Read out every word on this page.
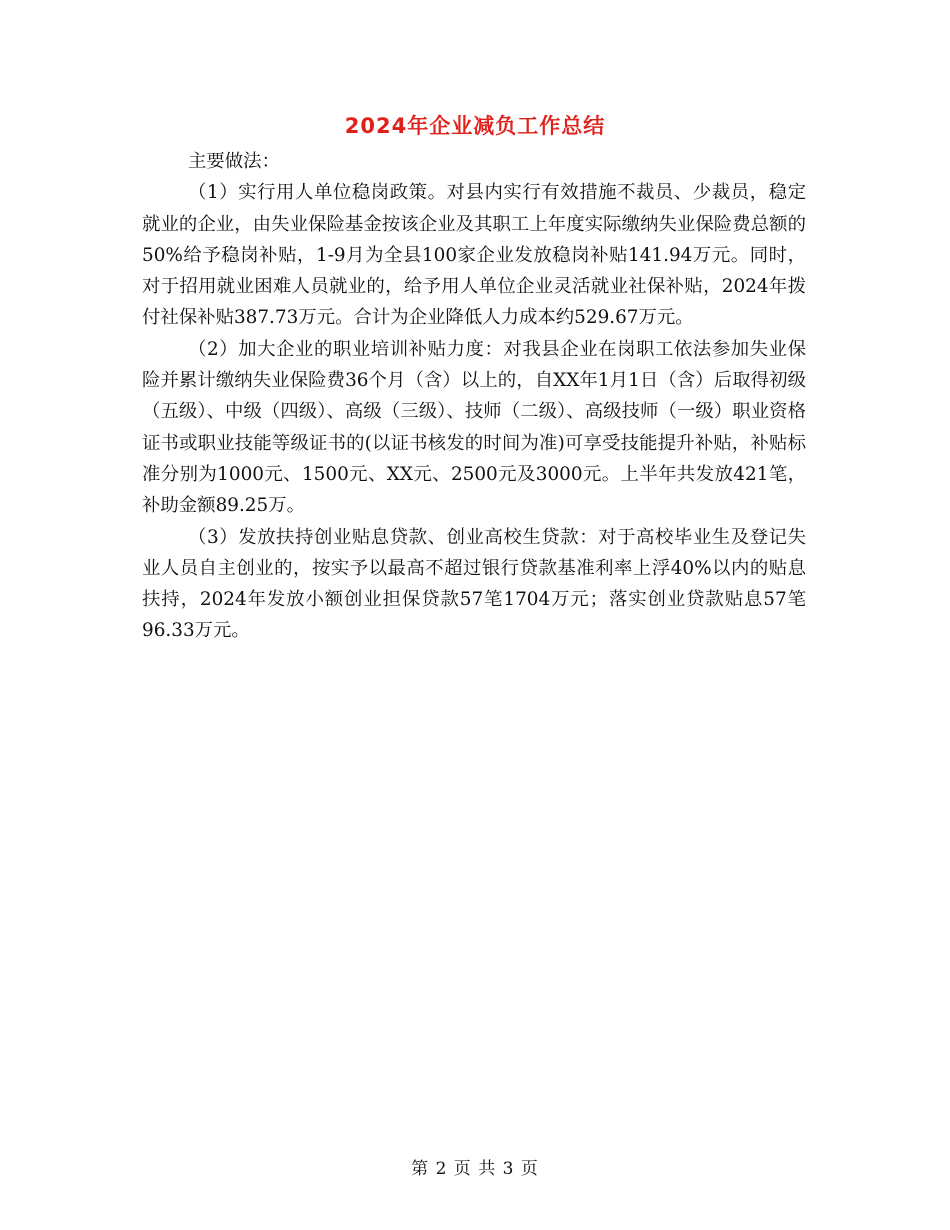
2024年企业减负工作总结

主要做法：

（1）实行用人单位稳岗政策。对县内实行有效措施不裁员、少裁员，稳定就业的企业，由失业保险基金按该企业及其职工上年度实际缴纳失业保险费总额的50%给予稳岗补贴，1-9月为全县100家企业发放稳岗补贴141.94万元。同时，对于招用就业困难人员就业的，给予用人单位企业灵活就业社保补贴，2024年拨付社保补贴387.73万元。合计为企业降低人力成本约529.67万元。

（2）加大企业的职业培训补贴力度：对我县企业在岗职工依法参加失业保险并累计缴纳失业保险费36个月（含）以上的，自XX年1月1日（含）后取得初级（五级）、中级（四级）、高级（三级）、技师（二级）、高级技师（一级）职业资格证书或职业技能等级证书的(以证书核发的时间为准)可享受技能提升补贴，补贴标准分别为1000元、1500元、XX元、2500元及3000元。上半年共发放421笔，补助金额89.25万。

（3）发放扶持创业贴息贷款、创业高校生贷款：对于高校毕业生及登记失业人员自主创业的，按实予以最高不超过银行贷款基准利率上浮40%以内的贴息扶持，2024年发放小额创业担保贷款57笔1704万元；落实创业贷款贴息57笔96.33万元。

第 2 页 共 3 页
